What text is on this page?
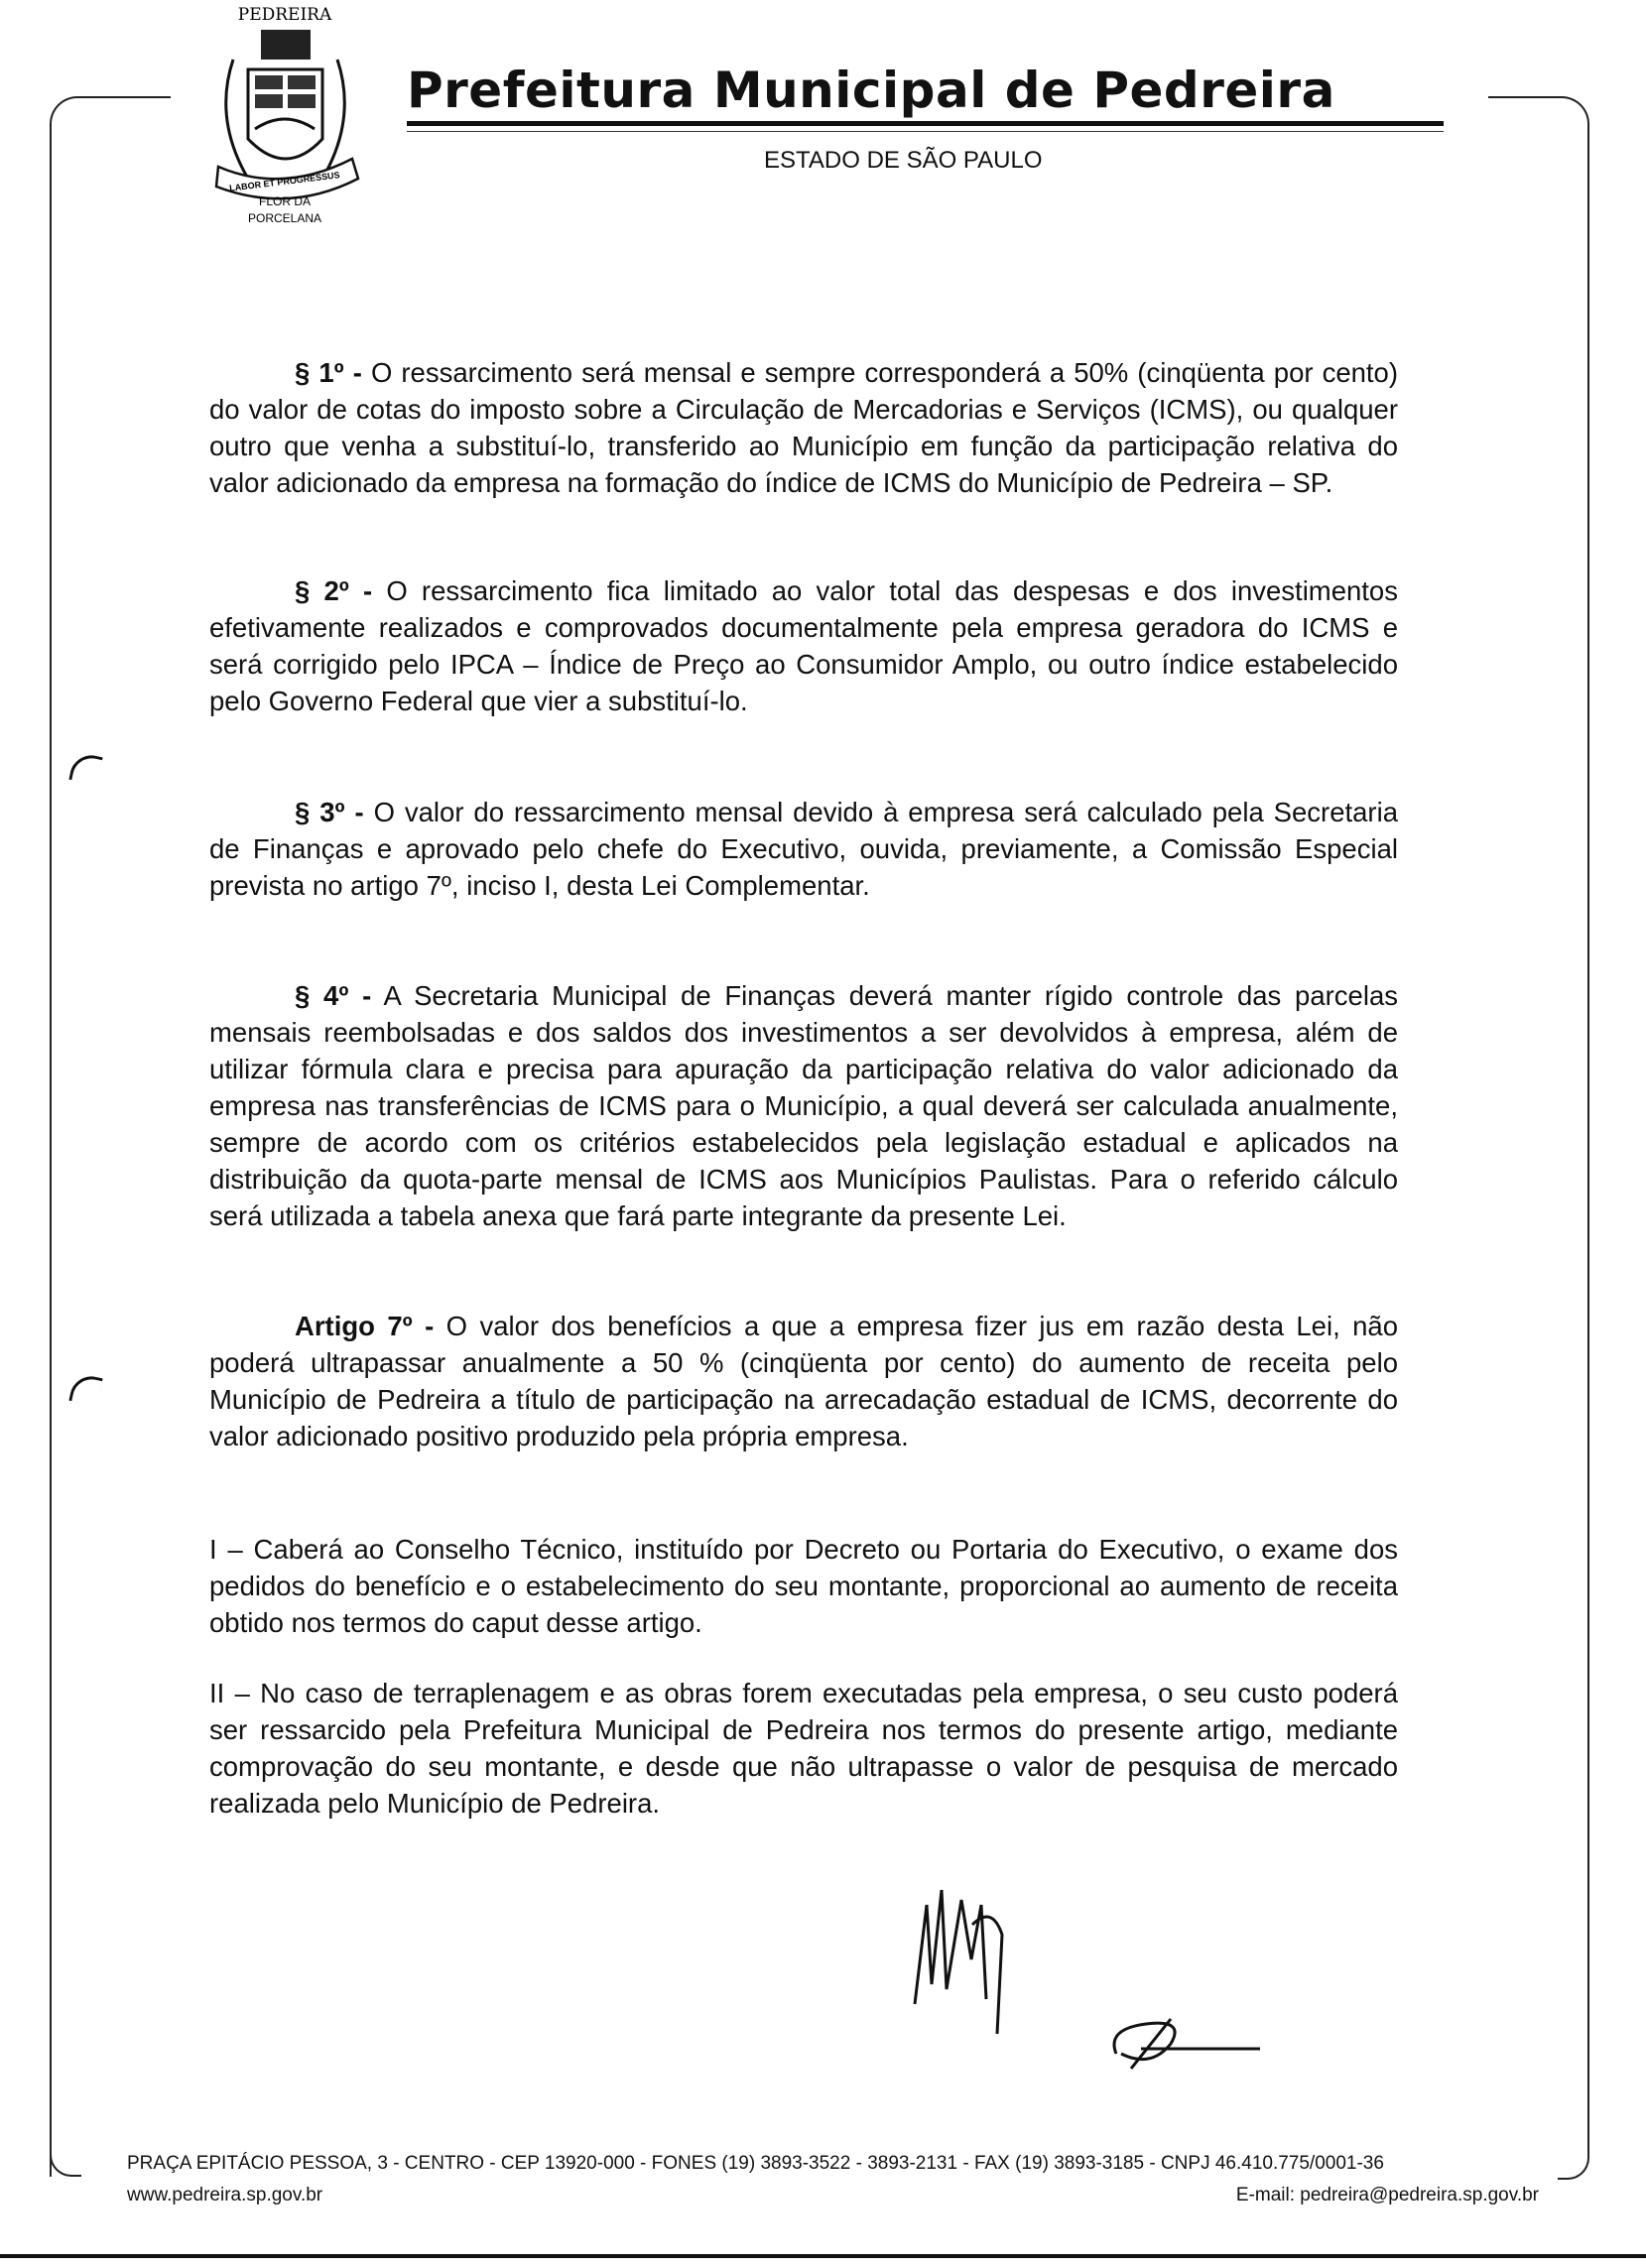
PEDREIRA
LABOR ET PROGRESSUS
FLOR DA
PORCELANA
Prefeitura Municipal de Pedreira
ESTADO DE SÃO PAULO
§ 1º - O ressarcimento será mensal e sempre corresponderá a 50% (cinqüenta por cento) do valor de cotas do imposto sobre a Circulação de Mercadorias e Serviços (ICMS), ou qualquer outro que venha a substituí-lo, transferido ao Município em função da participação relativa do valor adicionado da empresa na formação do índice de ICMS do Município de Pedreira – SP.
§ 2º - O ressarcimento fica limitado ao valor total das despesas e dos investimentos efetivamente realizados e comprovados documentalmente pela empresa geradora do ICMS e será corrigido pelo IPCA – Índice de Preço ao Consumidor Amplo, ou outro índice estabelecido pelo Governo Federal que vier a substituí-lo.
§ 3º - O valor do ressarcimento mensal devido à empresa será calculado pela Secretaria de Finanças e aprovado pelo chefe do Executivo, ouvida, previamente, a Comissão Especial prevista no artigo 7º, inciso I, desta Lei Complementar.
§ 4º - A Secretaria Municipal de Finanças deverá manter rígido controle das parcelas mensais reembolsadas e dos saldos dos investimentos a ser devolvidos à empresa, além de utilizar fórmula clara e precisa para apuração da participação relativa do valor adicionado da empresa nas transferências de ICMS para o Município, a qual deverá ser calculada anualmente, sempre de acordo com os critérios estabelecidos pela legislação estadual e aplicados na distribuição da quota-parte mensal de ICMS aos Municípios Paulistas. Para o referido cálculo será utilizada a tabela anexa que fará parte integrante da presente Lei.
Artigo 7º - O valor dos benefícios a que a empresa fizer jus em razão desta Lei, não poderá ultrapassar anualmente a 50 % (cinqüenta por cento) do aumento de receita pelo Município de Pedreira a título de participação na arrecadação estadual de ICMS, decorrente do valor adicionado positivo produzido pela própria empresa.
I – Caberá ao Conselho Técnico, instituído por Decreto ou Portaria do Executivo, o exame dos pedidos do benefício e o estabelecimento do seu montante, proporcional ao aumento de receita obtido nos termos do caput desse artigo.
II – No caso de terraplenagem e as obras forem executadas pela empresa, o seu custo poderá ser ressarcido pela Prefeitura Municipal de Pedreira nos termos do presente artigo, mediante comprovação do seu montante, e desde que não ultrapasse o valor de pesquisa de mercado realizada pelo Município de Pedreira.
PRAÇA EPITÁCIO PESSOA, 3 - CENTRO - CEP 13920-000 - FONES (19) 3893-3522 - 3893-2131 - FAX (19) 3893-3185 - CNPJ 46.410.775/0001-36
www.pedreira.sp.gov.br	E-mail: pedreira@pedreira.sp.gov.br
